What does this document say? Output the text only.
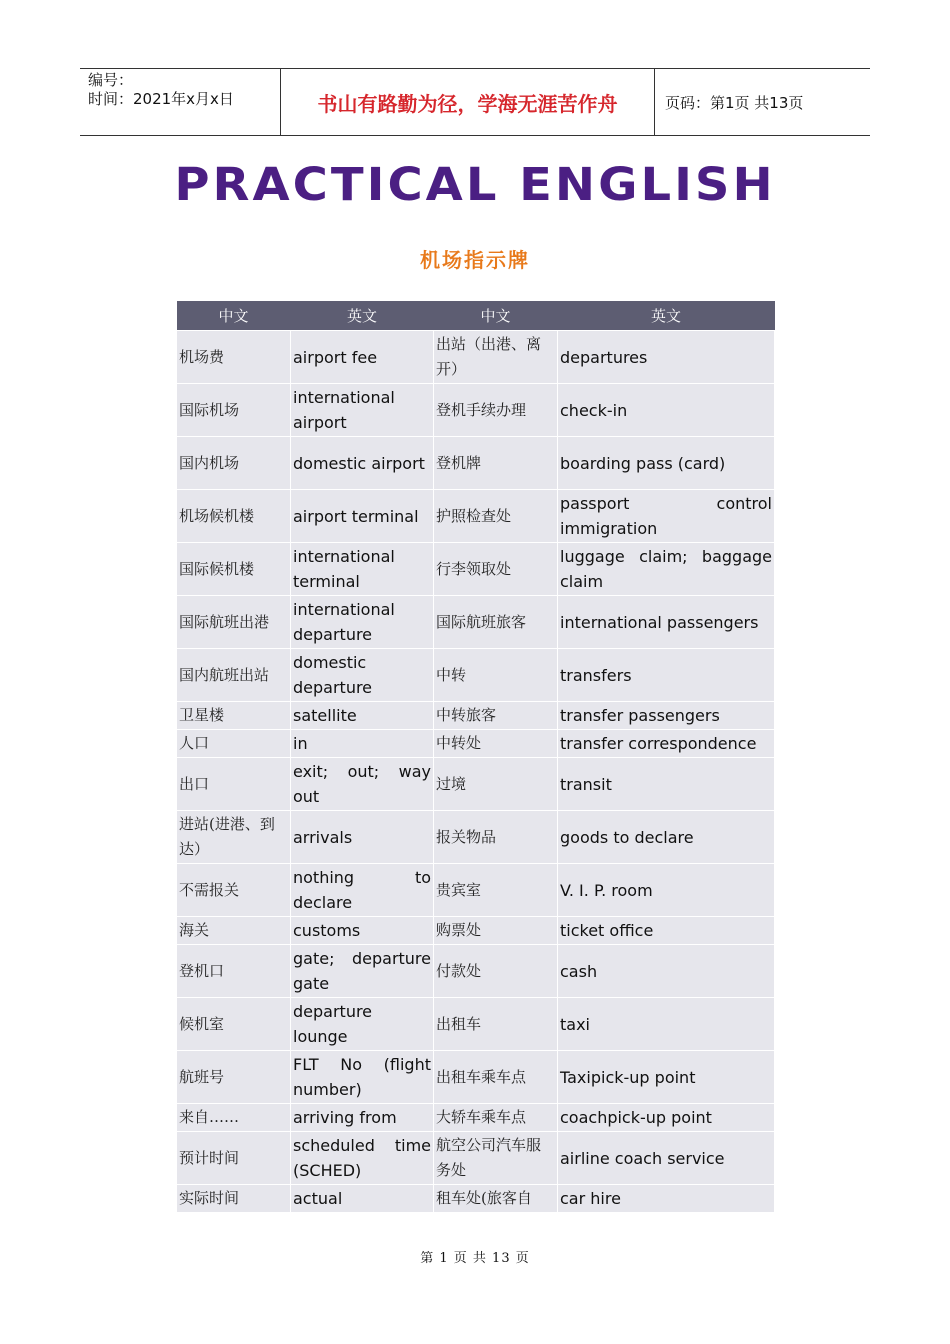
编号：
时间：2021年x月x日	书山有路勤为径，学海无涯苦作舟	页码：第1页 共13页
PRACTICAL ENGLISH
机场指示牌
中文	英文	中文	英文
机场费	airport fee	出站（出港、离开）	departures
国际机场	international airport	登机手续办理	check-in
国内机场	domestic airport	登机牌	boarding pass (card)
机场候机楼	airport terminal	护照检查处	passport control immigration
国际候机楼	international terminal	行李领取处	luggage claim; baggage claim
国际航班出港	international departure	国际航班旅客	international passengers
国内航班出站	domestic departure	中转	transfers
卫星楼	satellite	中转旅客	transfer passengers
人口	in	中转处	transfer correspondence
出口	exit; out; way out	过境	transit
进站(进港、到达）	arrivals	报关物品	goods to declare
不需报关	nothing to declare	贵宾室	V. I. P. room
海关	customs	购票处	ticket office
登机口	gate; departure gate	付款处	cash
候机室	departure lounge	出租车	taxi
航班号	FLT No (flight number)	出租车乘车点	Taxipick-up point
来自……	arriving from	大轿车乘车点	coachpick-up point
预计时间	scheduled time (SCHED)	航空公司汽车服务处	airline coach service
实际时间	actual	租车处(旅客自	car hire
第 1 页 共 13 页
